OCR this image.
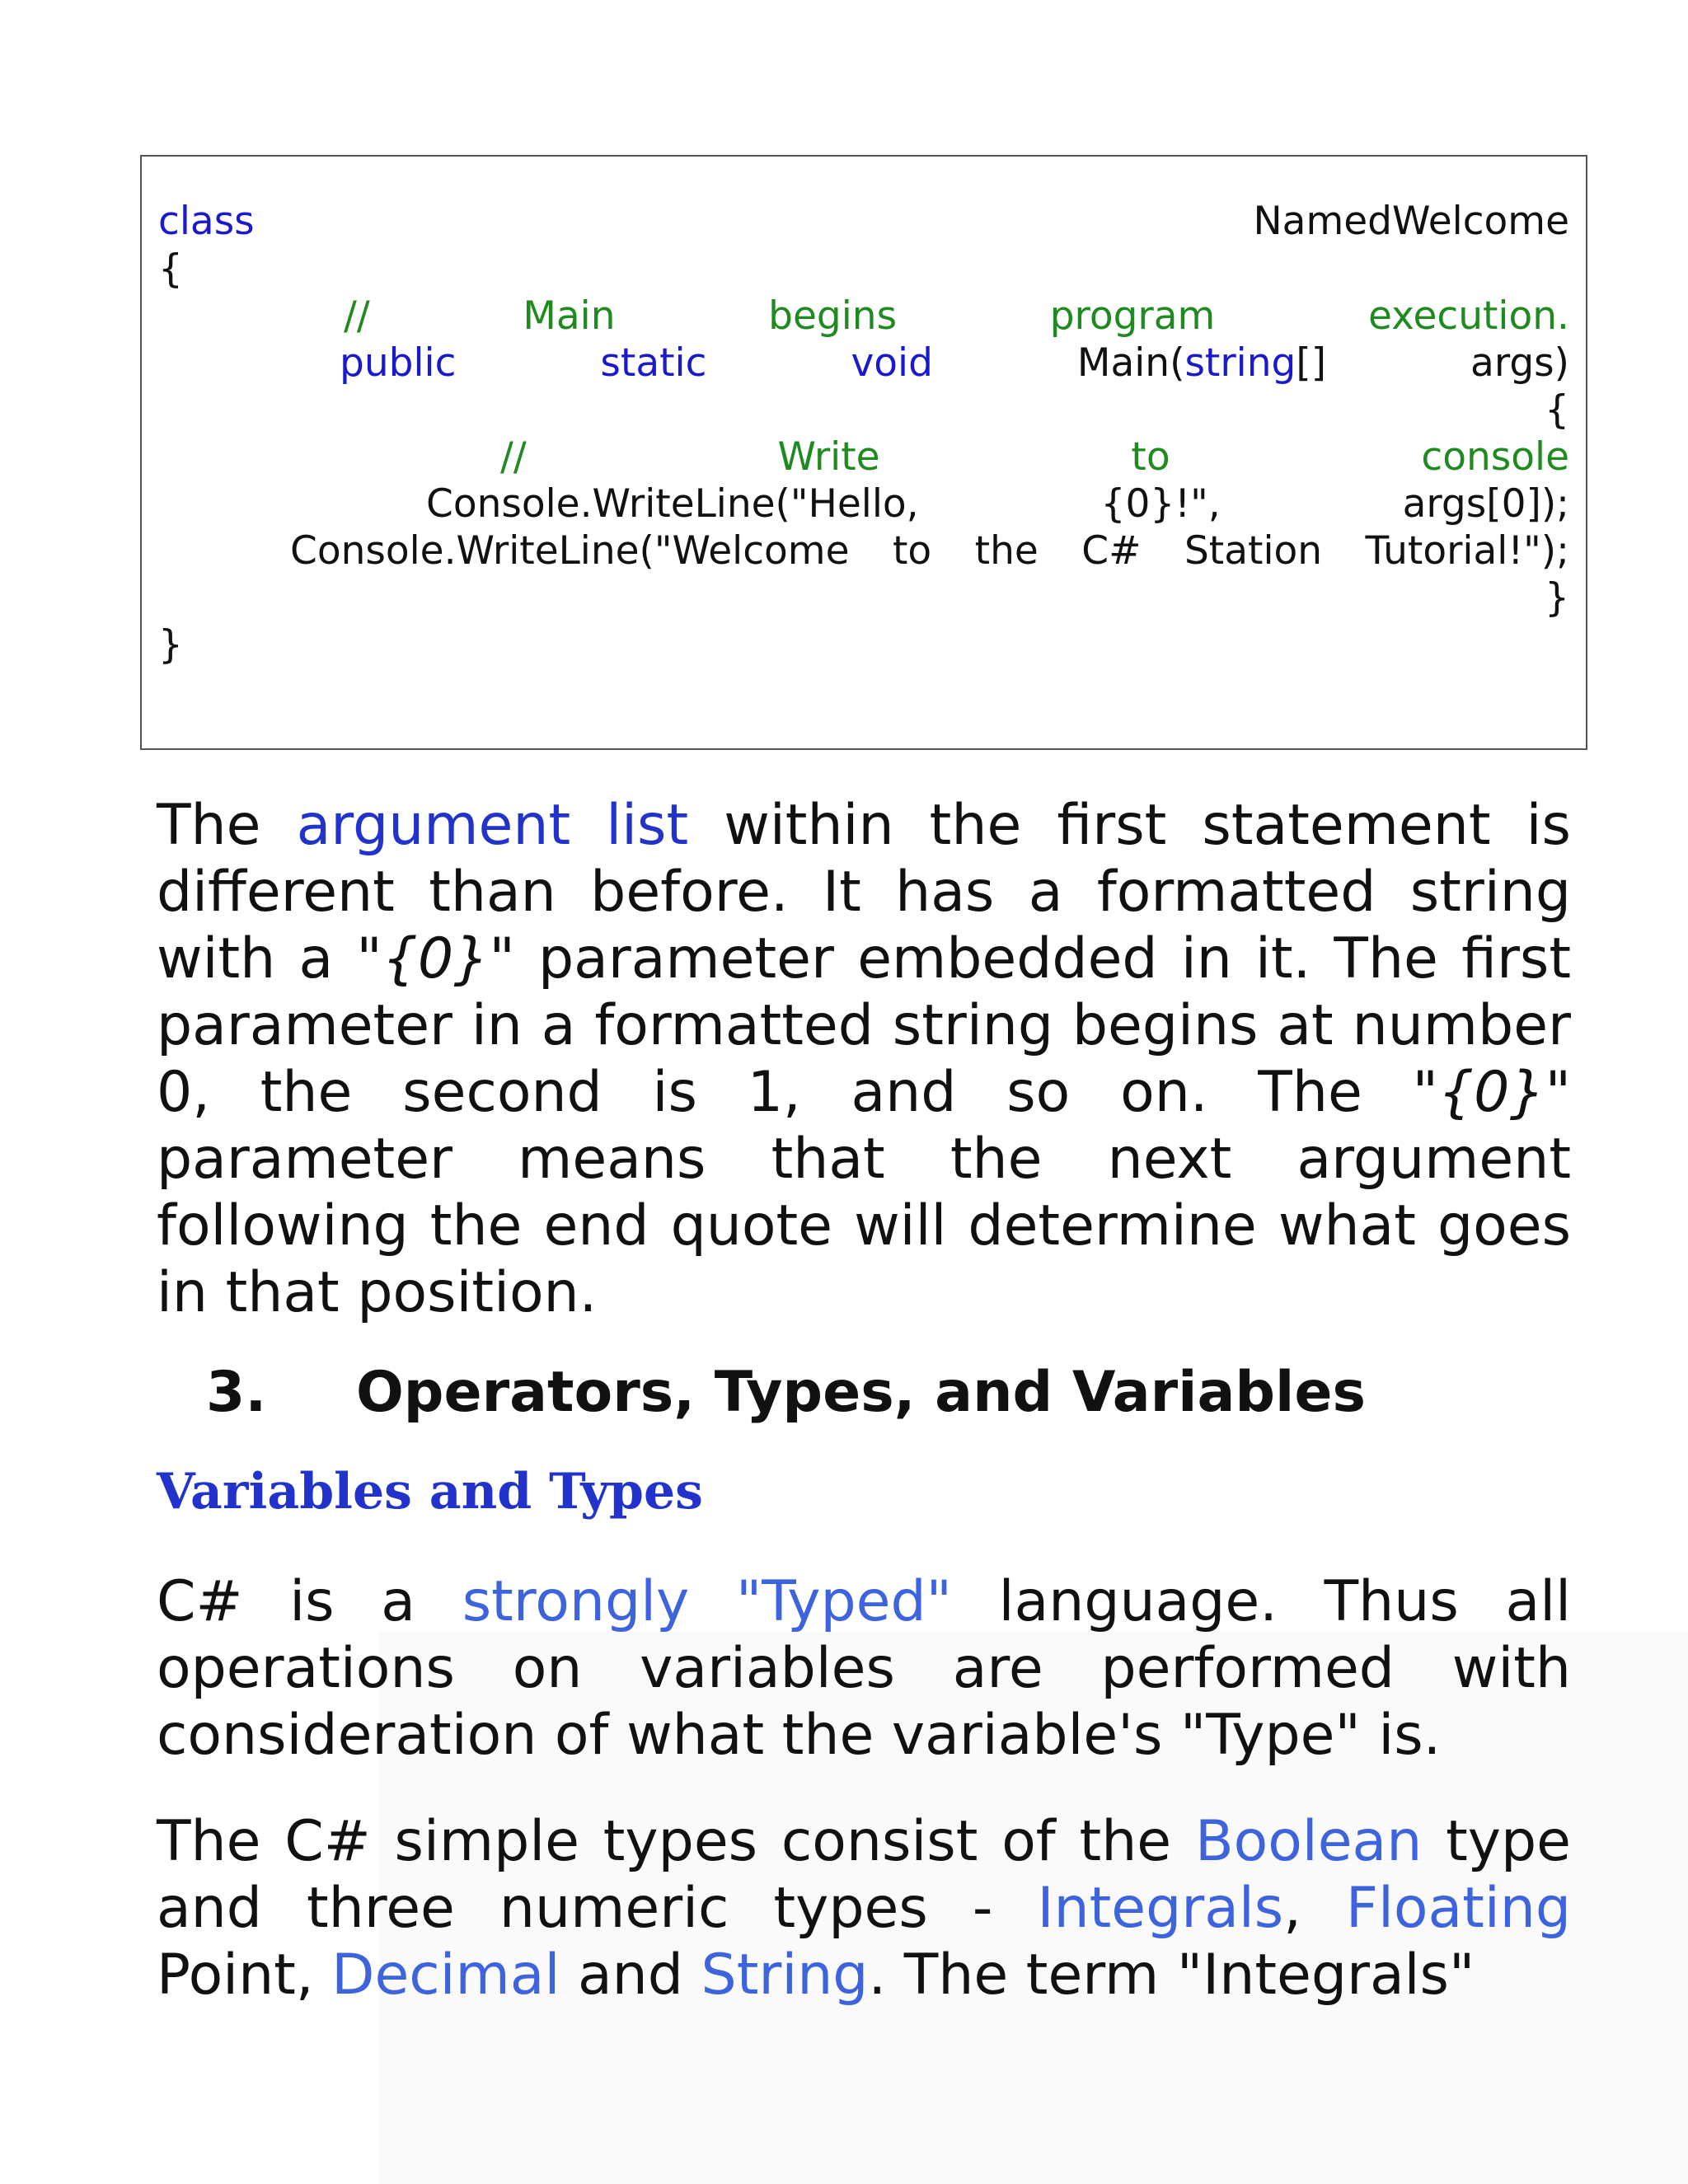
class	NamedWelcome
{
//	Main	begins	program	execution.
public	static	void	Main(string[]	args)
{
//	Write	to	console
Console.WriteLine("Hello,	{0}!",	args[0]);
Console.WriteLine("Welcome to the C# Station Tutorial!");
}
}

The argument list within the first statement is different than before. It has a formatted string with a "{0}" parameter embedded in it. The first parameter in a formatted string begins at number 0, the second is 1, and so on. The "{0}" parameter means that the next argument following the end quote will determine what goes in that position.

3. Operators, Types, and Variables
Variables and Types

C# is a strongly "Typed" language. Thus all operations on variables are performed with consideration of what the variable's "Type" is.

The C# simple types consist of the Boolean type and three numeric types - Integrals, Floating Point, Decimal and String. The term "Integrals"
